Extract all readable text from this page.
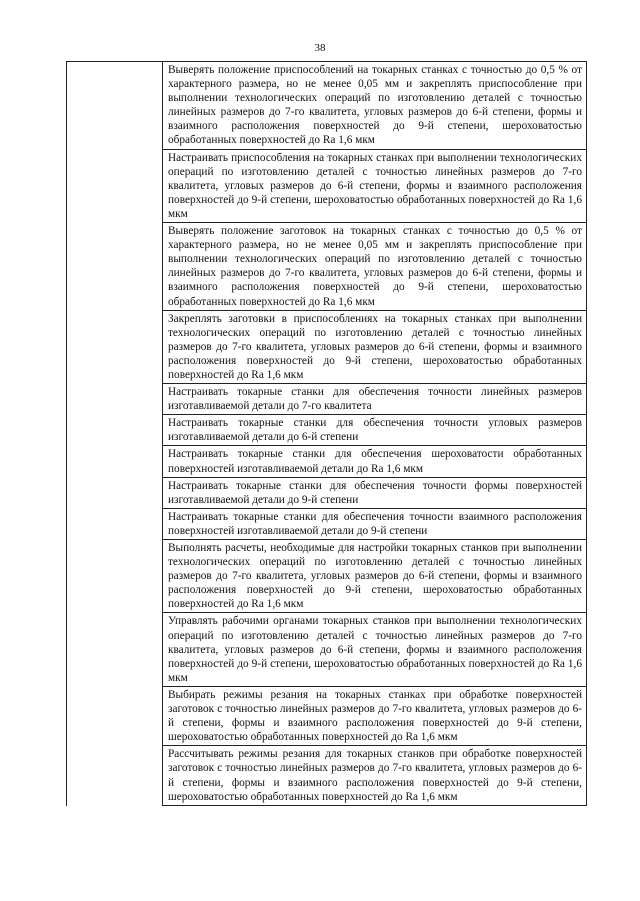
38
Выверять положение приспособлений на токарных станках с точностью до 0,5 % от характерного размера, но не менее 0,05 мм и закреплять приспособление при выполнении технологических операций по изготовлению деталей с точностью линейных размеров до 7-го квалитета, угловых размеров до 6-й степени, формы и взаимного расположения поверхностей до 9-й степени, шероховатостью обработанных поверхностей до Ra 1,6 мкм
Настраивать приспособления на токарных станках при выполнении технологических операций по изготовлению деталей с точностью линейных размеров до 7-го квалитета, угловых размеров до 6-й степени, формы и взаимного расположения поверхностей до 9-й степени, шероховатостью обработанных поверхностей до Ra 1,6 мкм
Выверять положение заготовок на токарных станках с точностью до 0,5 % от характерного размера, но не менее 0,05 мм и закреплять приспособление при выполнении технологических операций по изготовлению деталей с точностью линейных размеров до 7-го квалитета, угловых размеров до 6-й степени, формы и взаимного расположения поверхностей до 9-й степени, шероховатостью обработанных поверхностей до Ra 1,6 мкм
Закреплять заготовки в приспособлениях на токарных станках при выполнении технологических операций по изготовлению деталей с точностью линейных размеров до 7-го квалитета, угловых размеров до 6-й степени, формы и взаимного расположения поверхностей до 9-й степени, шероховатостью обработанных поверхностей до Ra 1,6 мкм
Настраивать токарные станки для обеспечения точности линейных размеров изготавливаемой детали до 7-го квалитета
Настраивать токарные станки для обеспечения точности угловых размеров изготавливаемой детали до 6-й степени
Настраивать токарные станки для обеспечения шероховатости обработанных поверхностей изготавливаемой детали до Ra 1,6 мкм
Настраивать токарные станки для обеспечения точности формы поверхностей изготавливаемой детали до 9-й степени
Настраивать токарные станки для обеспечения точности взаимного расположения поверхностей изготавливаемой детали до 9-й степени
Выполнять расчеты, необходимые для настройки токарных станков при выполнении технологических операций по изготовлению деталей с точностью линейных размеров до 7-го квалитета, угловых размеров до 6-й степени, формы и взаимного расположения поверхностей до 9-й степени, шероховатостью обработанных поверхностей до Ra 1,6 мкм
Управлять рабочими органами токарных станков при выполнении технологических операций по изготовлению деталей с точностью линейных размеров до 7-го квалитета, угловых размеров до 6-й степени, формы и взаимного расположения поверхностей до 9-й степени, шероховатостью обработанных поверхностей до Ra 1,6 мкм
Выбирать режимы резания на токарных станках при обработке поверхностей заготовок с точностью линейных размеров до 7-го квалитета, угловых размеров до 6-й степени, формы и взаимного расположения поверхностей до 9-й степени, шероховатостью обработанных поверхностей до Ra 1,6 мкм
Рассчитывать режимы резания для токарных станков при обработке поверхностей заготовок с точностью линейных размеров до 7-го квалитета, угловых размеров до 6-й степени, формы и взаимного расположения поверхностей до 9-й степени, шероховатостью обработанных поверхностей до Ra 1,6 мкм
